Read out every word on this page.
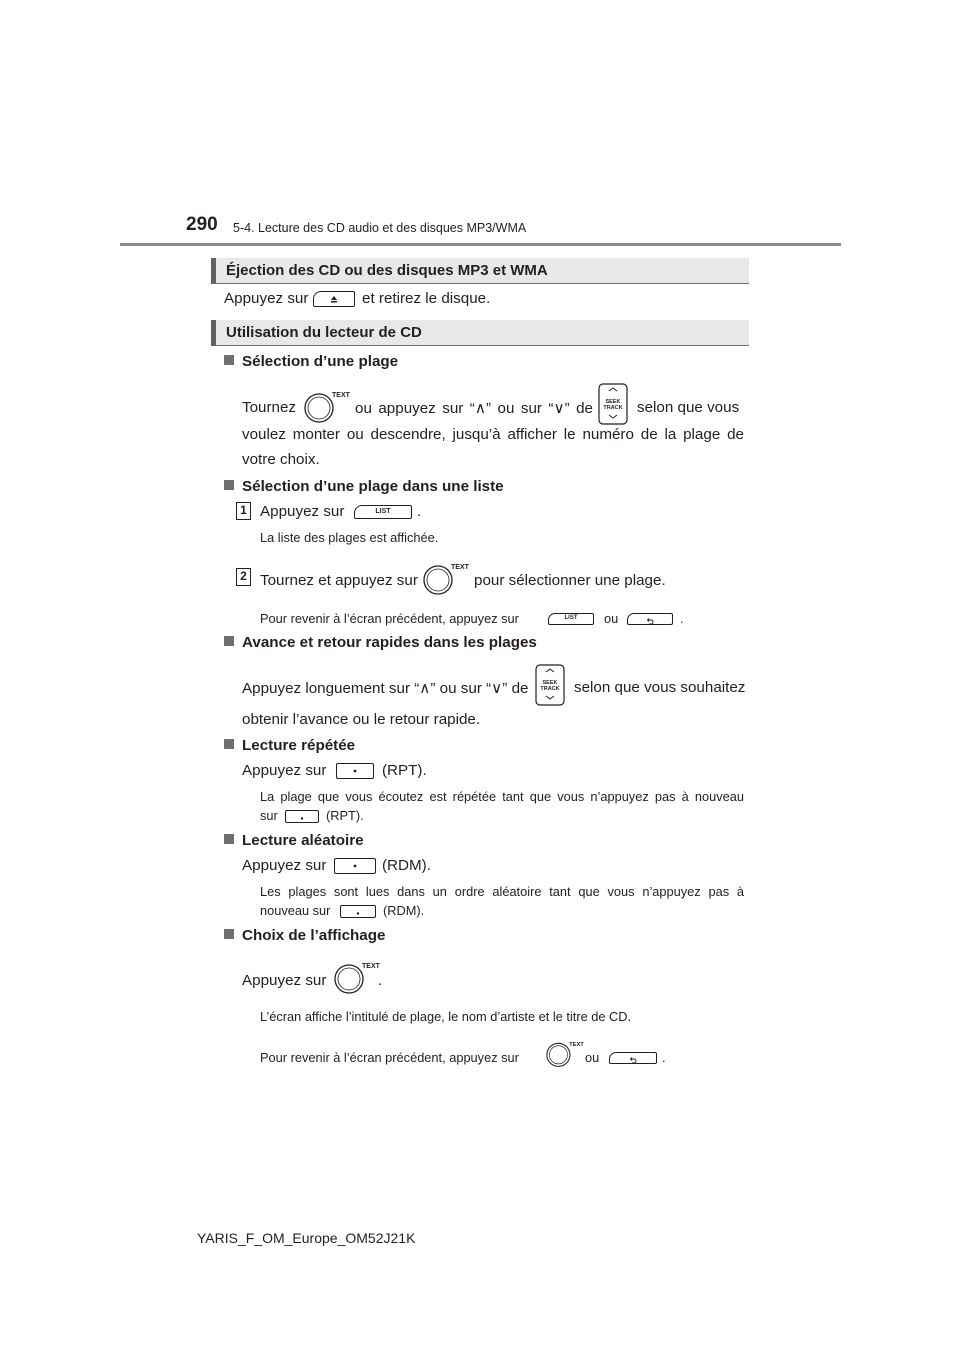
290 5-4. Lecture des CD audio et des disques MP3/WMA
Éjection des CD ou des disques MP3 et WMA
Appuyez sur	et retirez le disque.
Utilisation du lecteur de CD
Sélection d’une plage
Tournez
TEXT
ou appuyez sur “∧” ou sur “∨” de SEEK
TRACK selon que vous
voulez monter ou descendre, jusqu’à afficher le numéro de la plage de
votre choix.
Sélection d’une plage dans une liste
1 Appuyez sur	LIST	.
La liste des plages est affichée.
2 Tournez et appuyez sur
TEXT
pour sélectionner une plage.
Pour revenir à l’écran précédent, appuyez sur	LIST	ou	.
Avance et retour rapides dans les plages
Appuyez longuement sur “∧” ou sur “∨” de	SEEK
TRACK selon que vous souhaitez
obtenir l’avance ou le retour rapide.
Lecture répétée
Appuyez sur	(RPT).
La plage que vous écoutez est répétée tant que vous n’appuyez pas à nouveau
sur	(RPT).
Lecture aléatoire
Appuyez sur	(RDM).
Les plages sont lues dans un ordre aléatoire tant que vous n’appuyez pas à
nouveau sur	(RDM).
Choix de l’affichage
Appuyez sur
TEXT
.
L’écran affiche l’intitulé de plage, le nom d’artiste et le titre de CD.
Pour revenir à l’écran précédent, appuyez sur
TEXT
ou	.
YARIS_F_OM_Europe_OM52J21K
